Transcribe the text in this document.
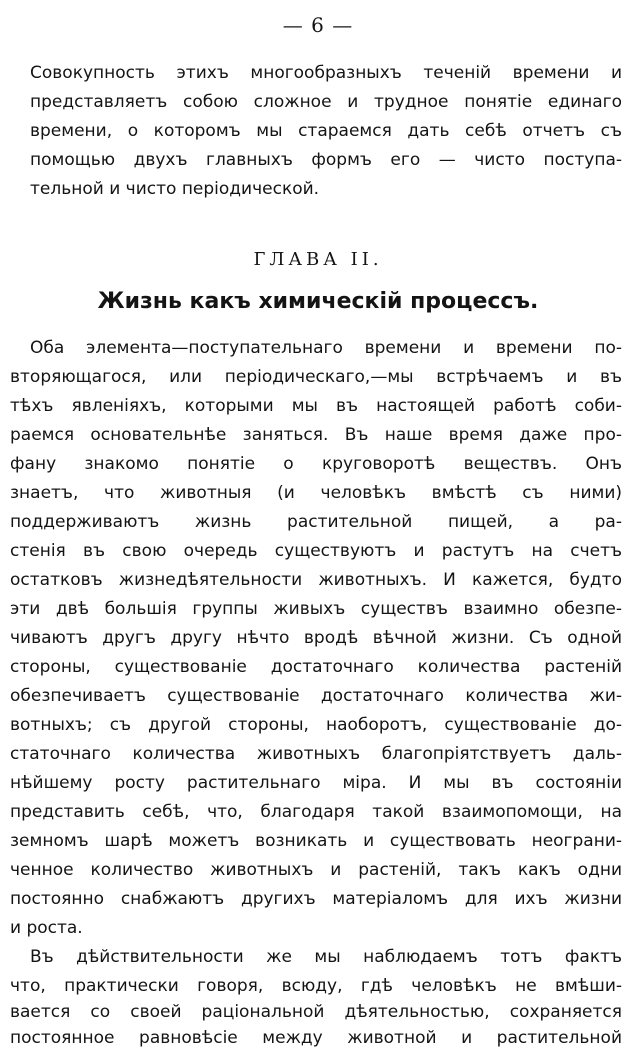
— 6 —
Совокупность этихъ многообразныхъ теченій времени и
представляетъ собою сложное и трудное понятіе единаго
времени, о которомъ мы стараемся дать себѣ отчетъ съ
помощью двухъ главныхъ формъ его — чисто поступа-
тельной и чисто періодической.
ГЛАВА II.
Жизнь какъ химическій процессъ.
Оба элемента—поступательнаго времени и времени по-
вторяющагося, или періодическаго,—мы встрѣчаемъ и въ
тѣхъ явленіяхъ, которыми мы въ настоящей работѣ соби-
раемся основательнѣе заняться. Въ наше время даже про-
фану знакомо понятіе о круговоротѣ веществъ. Онъ
знаетъ, что животныя (и человѣкъ вмѣстѣ съ ними)
поддерживаютъ жизнь растительной пищей, а ра-
стенія въ свою очередь существуютъ и растутъ на счетъ
остатковъ жизнедѣятельности животныхъ. И кажется, будто
эти двѣ большія группы живыхъ существъ взаимно обезпе-
чиваютъ другъ другу нѣчто вродѣ вѣчной жизни. Съ одной
стороны, существованіе достаточнаго количества растеній
обезпечиваетъ существованіе достаточнаго количества жи-
вотныхъ; съ другой стороны, наоборотъ, существованіе до-
статочнаго количества животныхъ благопріятствуетъ даль-
нѣйшему росту растительнаго міра. И мы въ состояніи
представить себѣ, что, благодаря такой взаимопомощи, на
земномъ шарѣ можетъ возникать и существовать неограни-
ченное количество животныхъ и растеній, такъ какъ одни
постоянно снабжаютъ другихъ матеріаломъ для ихъ жизни
и роста.
Въ дѣйствительности же мы наблюдаемъ тотъ фактъ
что, практически говоря, всюду, гдѣ человѣкъ не вмѣши-
вается со своей раціональной дѣятельностью, сохраняется
постоянное равновѣсіе между животной и растительной
